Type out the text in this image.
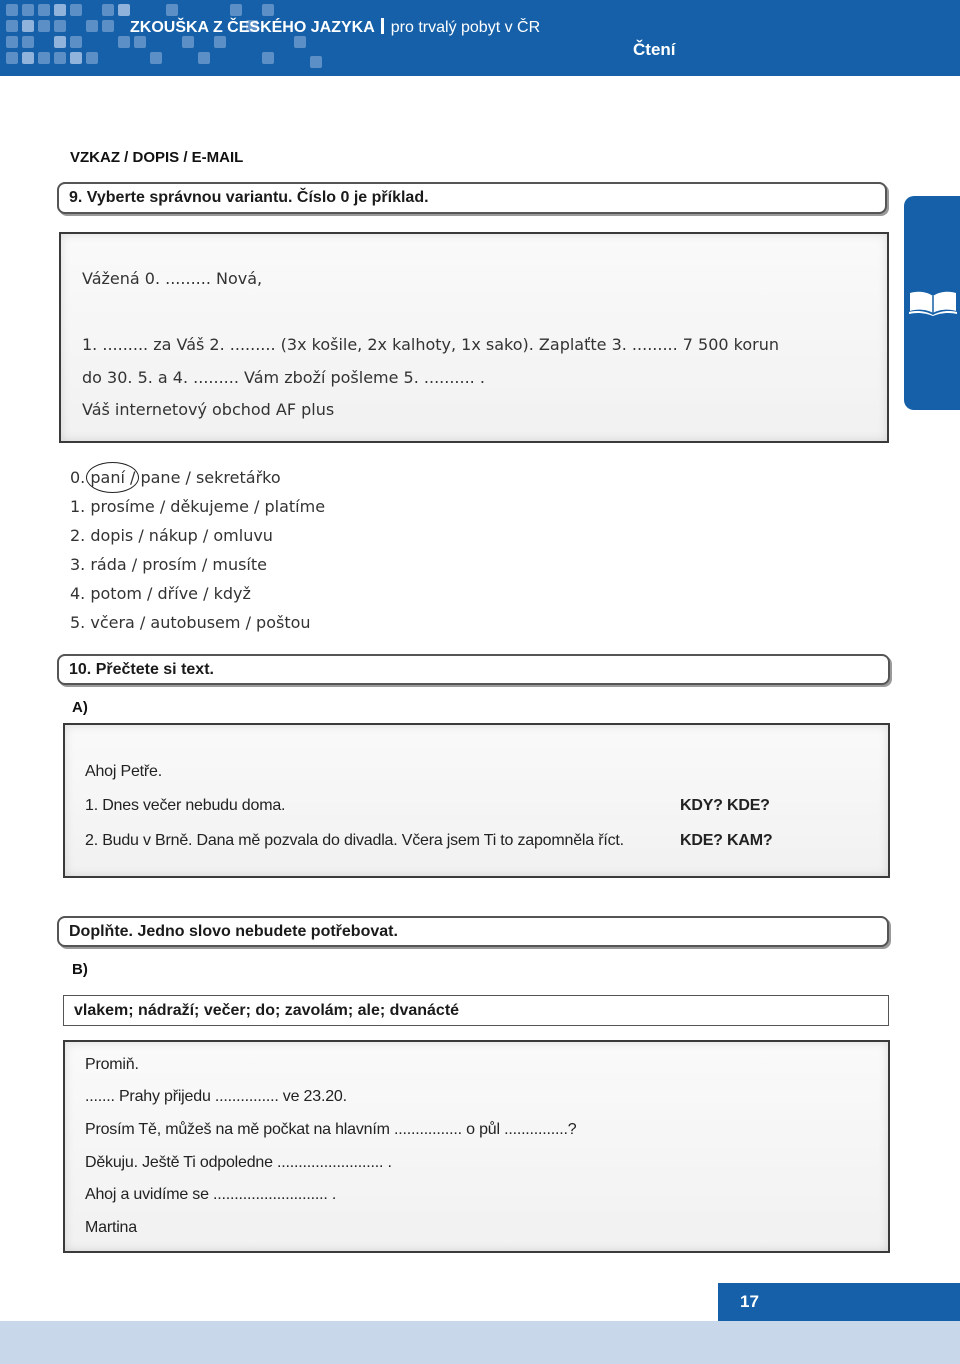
ZKOUŠKA Z ČESKÉHO JAZYKA pro trvalý pobyt v ČR
Čtení
VZKAZ / DOPIS / E-MAIL
9. Vyberte správnou variantu. Číslo 0 je příklad.
Vážená 0. ......... Nová,
1. ......... za Váš 2. ......... (3x košile, 2x kalhoty, 1x sako). Zaplaťte 3. ......... 7 500 korun
do 30. 5. a 4. ......... Vám zboží pošleme 5. .......... .
Váš internetový obchod AF plus
0. paní / pane / sekretářko
1. prosíme / děkujeme / platíme
2. dopis / nákup / omluvu
3. ráda / prosím / musíte
4. potom / dříve / když
5. včera / autobusem / poštou
10. Přečtete si text.
A)
Ahoj Petře.
1. Dnes večer nebudu doma.	KDY? KDE?
2. Budu v Brně. Dana mě pozvala do divadla. Včera jsem Ti to zapomněla říct.	KDE? KAM?
Doplňte. Jedno slovo nebudete potřebovat.
B)
vlakem; nádraží; večer; do; zavolám; ale; dvanácté
Promiň.
....... Prahy přijedu ............... ve 23.20.
Prosím Tě, můžeš na mě počkat na hlavním ................ o půl ...............?
Děkuju. Ještě Ti odpoledne ......................... .
Ahoj a uvidíme se ........................... .
Martina
17
